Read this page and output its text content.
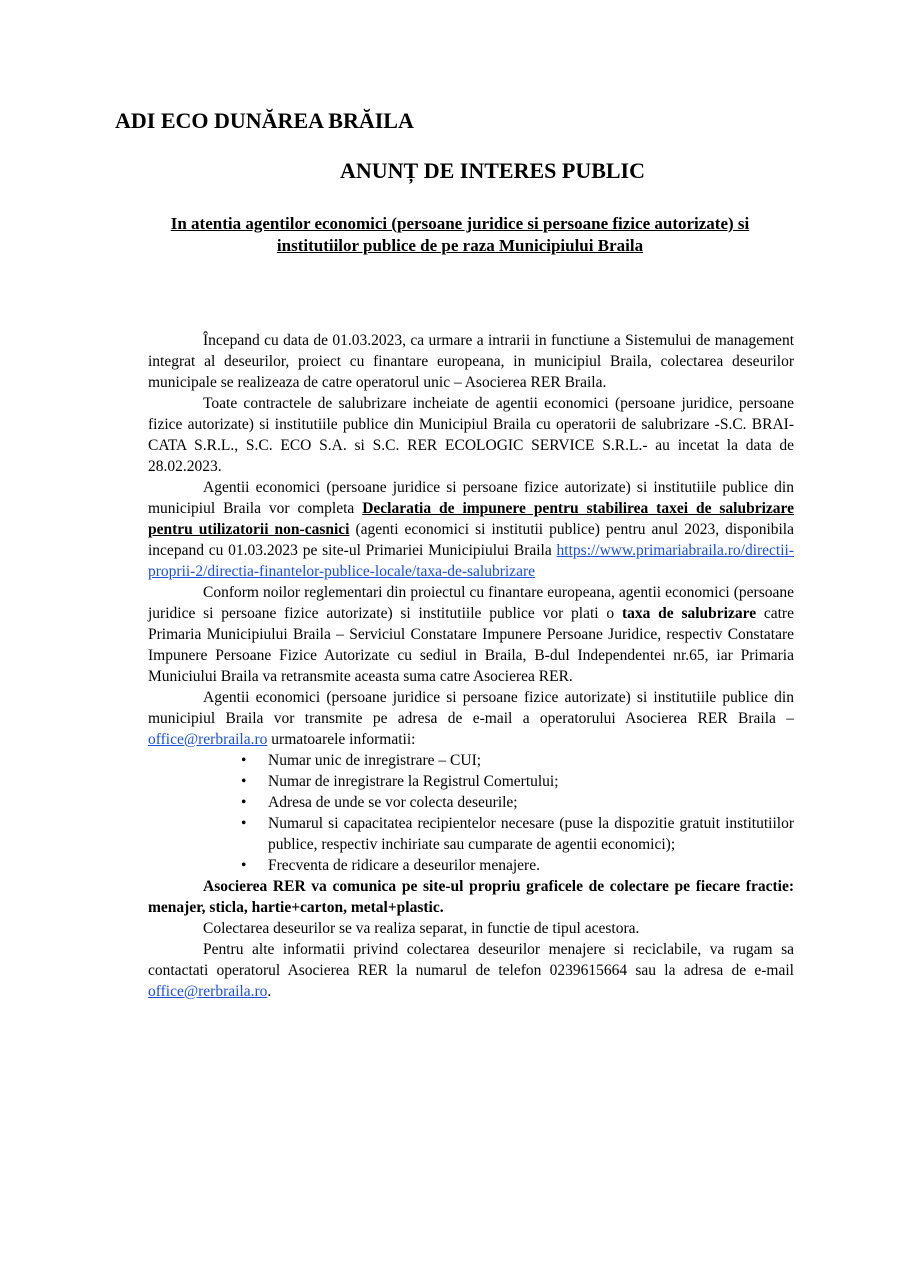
ADI ECO DUNĂREA BRĂILA
ANUNȚ DE INTERES PUBLIC

In atentia agentilor economici (persoane juridice si persoane fizice autorizate) si institutiilor publice de pe raza Municipiului Braila

Începand cu data de 01.03.2023, ca urmare a intrarii in functiune a Sistemului de management integrat al deseurilor, proiect cu finantare europeana, in municipiul Braila, colectarea deseurilor municipale se realizeaza de catre operatorul unic – Asocierea RER Braila.

Toate contractele de salubrizare incheiate de agentii economici (persoane juridice, persoane fizice autorizate) si institutiile publice din Municipiul Braila cu operatorii de salubrizare -S.C. BRAI-CATA S.R.L., S.C. ECO S.A. si S.C. RER ECOLOGIC SERVICE S.R.L.- au incetat la data de 28.02.2023.

Agentii economici (persoane juridice si persoane fizice autorizate) si institutiile publice din municipiul Braila vor completa Declaratia de impunere pentru stabilirea taxei de salubrizare pentru utilizatorii non-casnici (agenti economici si institutii publice) pentru anul 2023, disponibila incepand cu 01.03.2023 pe site-ul Primariei Municipiului Braila https://www.primariabraila.ro/directii-proprii-2/directia-finantelor-publice-locale/taxa-de-salubrizare

Conform noilor reglementari din proiectul cu finantare europeana, agentii economici (persoane juridice si persoane fizice autorizate) si institutiile publice vor plati o taxa de salubrizare catre Primaria Municipiului Braila – Serviciul Constatare Impunere Persoane Juridice, respectiv Constatare Impunere Persoane Fizice Autorizate cu sediul in Braila, B-dul Independentei nr.65, iar Primaria Municiului Braila va retransmite aceasta suma catre Asocierea RER.

Agentii economici (persoane juridice si persoane fizice autorizate) si institutiile publice din municipiul Braila vor transmite pe adresa de e-mail a operatorului Asocierea RER Braila – office@rerbraila.ro urmatoarele informatii:

• Numar unic de inregistrare – CUI;
• Numar de inregistrare la Registrul Comertului;
• Adresa de unde se vor colecta deseurile;
• Numarul si capacitatea recipientelor necesare (puse la dispozitie gratuit institutiilor publice, respectiv inchiriate sau cumparate de agentii economici);
• Frecventa de ridicare a deseurilor menajere.

Asocierea RER va comunica pe site-ul propriu graficele de colectare pe fiecare fractie: menajer, sticla, hartie+carton, metal+plastic.

Colectarea deseurilor se va realiza separat, in functie de tipul acestora.

Pentru alte informatii privind colectarea deseurilor menajere si reciclabile, va rugam sa contactati operatorul Asocierea RER la numarul de telefon 0239615664 sau la adresa de e-mail office@rerbraila.ro.
